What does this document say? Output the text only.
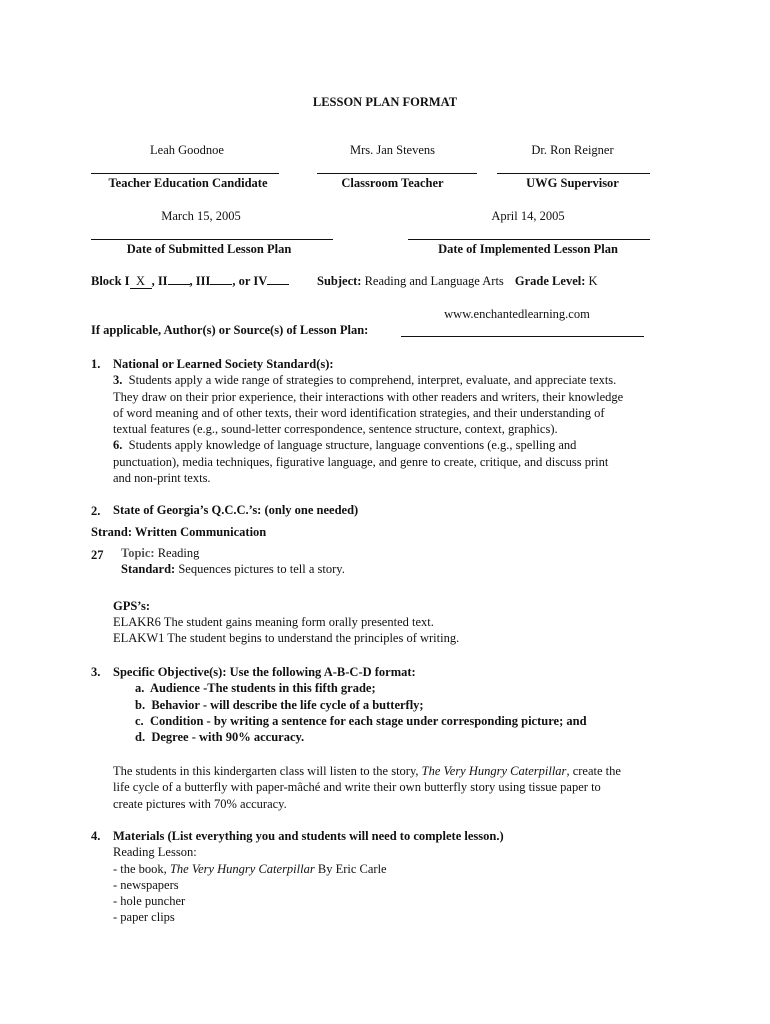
LESSON PLAN FORMAT
Leah Goodnoe
Teacher Education Candidate
Mrs. Jan Stevens
Classroom Teacher
Dr. Ron Reigner
UWG Supervisor
March 15, 2005
Date of Submitted Lesson Plan
April 14, 2005
Date of Implemented Lesson Plan
Block I X , II , III , or IV	Subject: Reading and Language Arts Grade Level: K
www.enchantedlearning.com
If applicable, Author(s) or Source(s) of Lesson Plan:
1. National or Learned Society Standard(s):
3. Students apply a wide range of strategies to comprehend, interpret, evaluate, and appreciate texts.
They draw on their prior experience, their interactions with other readers and writers, their knowledge
of word meaning and of other texts, their word identification strategies, and their understanding of
textual features (e.g., sound-letter correspondence, sentence structure, context, graphics).
6. Students apply knowledge of language structure, language conventions (e.g., spelling and
punctuation), media techniques, figurative language, and genre to create, critique, and discuss print
and non-print texts.
2. State of Georgia’s Q.C.C.’s: (only one needed)
Strand: Written Communication
27 Topic: Reading
Standard: Sequences pictures to tell a story.
GPS’s:
ELAKR6 The student gains meaning form orally presented text.
ELAKW1 The student begins to understand the principles of writing.
3. Specific Objective(s): Use the following A-B-C-D format:
a. Audience -The students in this fifth grade;
b. Behavior - will describe the life cycle of a butterfly;
c. Condition - by writing a sentence for each stage under corresponding picture; and
d. Degree - with 90% accuracy.
The students in this kindergarten class will listen to the story, The Very Hungry Caterpillar, create the
life cycle of a butterfly with paper-mâché and write their own butterfly story using tissue paper to
create pictures with 70% accuracy.
4. Materials (List everything you and students will need to complete lesson.)
Reading Lesson:
- the book, The Very Hungry Caterpillar By Eric Carle
- newspapers
- hole puncher
- paper clips
